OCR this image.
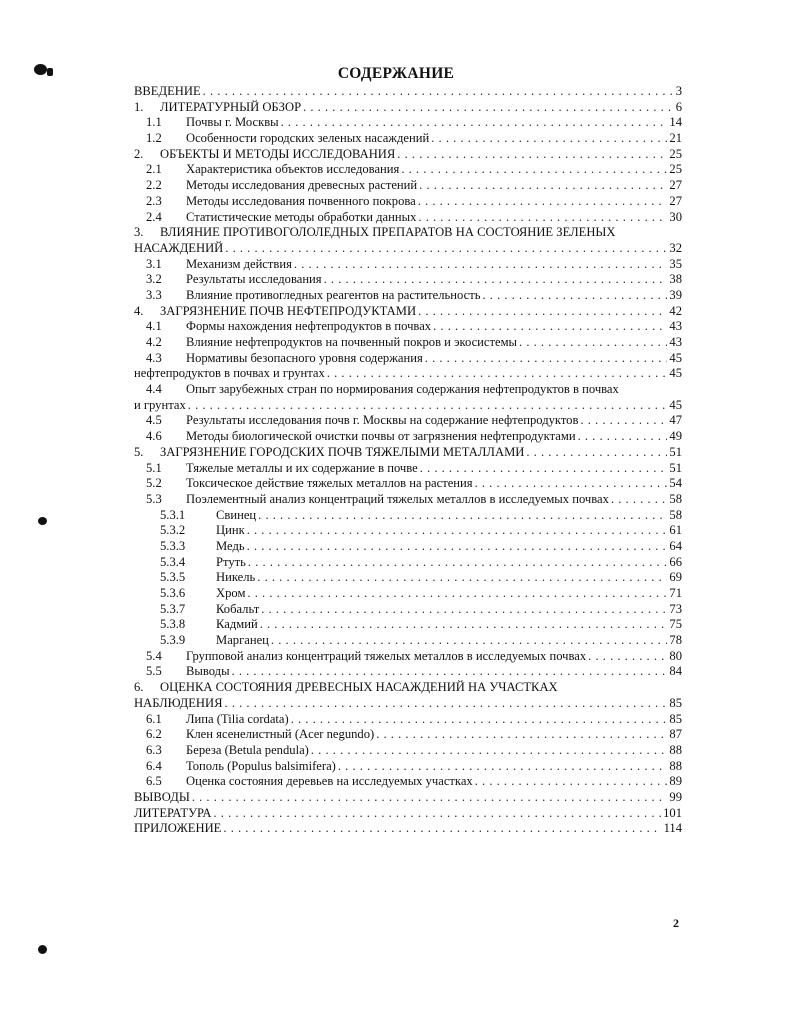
СОДЕРЖАНИЕ
ВВЕДЕНИЕ . . .	3
1.	ЛИТЕРАТУРНЫЙ ОБЗОР . . .	6
1.1	Почвы г. Москвы . . .	14
1.2	Особенности городских зеленых насаждений . . .	21
2.	ОБЪЕКТЫ И МЕТОДЫ ИССЛЕДОВАНИЯ . . .	25
2.1	Характеристика объектов исследования . . .	25
2.2	Методы исследования древесных растений . . .	27
2.3	Методы исследования почвенного покрова . . .	27
2.4	Статистические методы обработки данных . . .	30
3.	ВЛИЯНИЕ ПРОТИВОГОЛОЛЕДНЫХ ПРЕПАРАТОВ НА СОСТОЯНИЕ ЗЕЛЕНЫХ
НАСАЖДЕНИЙ . . .	32
3.1	Механизм действия . . .	35
3.2	Результаты исследования . . .	38
3.3	Влияние противогледных реагентов на растительность . . .	39
4.	ЗАГРЯЗНЕНИЕ ПОЧВ НЕФТЕПРОДУКТАМИ . . .	42
4.1	Формы нахождения нефтепродуктов в почвах . . .	43
4.2	Влияние нефтепродуктов на почвенный покров и экосистемы . . .	43
4.3	Нормативы безопасного уровня содержания . . .	45
нефтепродуктов в почвах и грунтах . . .	45
4.4	Опыт зарубежных стран по нормирования содержания нефтепродуктов в почвах
и грунтах . . .	45
4.5	Результаты исследования почв г. Москвы на содержание нефтепродуктов . . .	47
4.6	Методы биологической очистки почвы от загрязнения нефтепродуктами . . .	49
5.	ЗАГРЯЗНЕНИЕ ГОРОДСКИХ ПОЧВ ТЯЖЕЛЫМИ МЕТАЛЛАМИ . . .	51
5.1	Тяжелые металлы и их содержание в почве . . .	51
5.2	Токсическое действие тяжелых металлов на растения . . .	54
5.3	Поэлементный анализ концентраций тяжелых металлов в исследуемых почвах . . .	58
5.3.1	Свинец . . .	58
5.3.2	Цинк . . .	61
5.3.3	Медь . . .	64
5.3.4	Ртуть . . .	66
5.3.5	Никель . . .	69
5.3.6	Хром . . .	71
5.3.7	Кобальт . . .	73
5.3.8	Кадмий . . .	75
5.3.9	Марганец . . .	78
5.4	Групповой анализ концентраций тяжелых металлов в исследуемых почвах . . .	80
5.5	Выводы . . .	84
6.	ОЦЕНКА СОСТОЯНИЯ ДРЕВЕСНЫХ НАСАЖДЕНИЙ НА УЧАСТКАХ
НАБЛЮДЕНИЯ . . .	85
6.1	Липа (Tilia cordata) . . .	85
6.2	Клен ясенелистный (Acer negundo) . . .	87
6.3	Береза (Betula pendula) . . .	88
6.4	Тополь (Populus balsimifera) . . .	88
6.5	Оценка состояния деревьев на исследуемых участках . . .	89
ВЫВОДЫ . . .	99
ЛИТЕРАТУРА . . .	101
ПРИЛОЖЕНИЕ . . .	114
2
